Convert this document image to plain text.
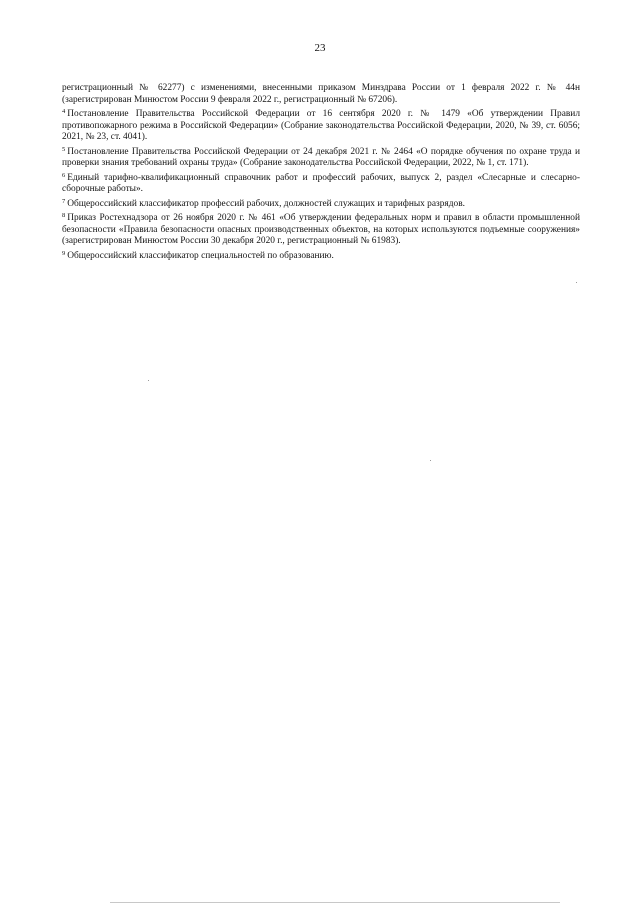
23

регистрационный № 62277) с изменениями, внесенными приказом Минздрава России от 1 февраля 2022 г. № 44н (зарегистрирован Минюстом России 9 февраля 2022 г., регистрационный № 67206).

$^4$ Постановление Правительства Российской Федерации от 16 сентября 2020 г. № 1479 «Об утверждении Правил противопожарного режима в Российской Федерации» (Собрание законодательства Российской Федерации, 2020, № 39, ст. 6056; 2021, № 23, ст. 4041).

$^5$ Постановление Правительства Российской Федерации от 24 декабря 2021 г. № 2464 «О порядке обучения по охране труда и проверки знания требований охраны труда» (Собрание законодательства Российской Федерации, 2022, № 1, ст. 171).

$^6$ Единый тарифно-квалификационный справочник работ и профессий рабочих, выпуск 2, раздел «Слесарные и слесарно-сборочные работы».

$^7$ Общероссийский классификатор профессий рабочих, должностей служащих и тарифных разрядов.

$^8$ Приказ Ростехнадзора от 26 ноября 2020 г. № 461 «Об утверждении федеральных норм и правил в области промышленной безопасности «Правила безопасности опасных производственных объектов, на которых используются подъемные сооружения» (зарегистрирован Минюстом России 30 декабря 2020 г., регистрационный № 61983).

$^9$ Общероссийский классификатор специальностей по образованию.
